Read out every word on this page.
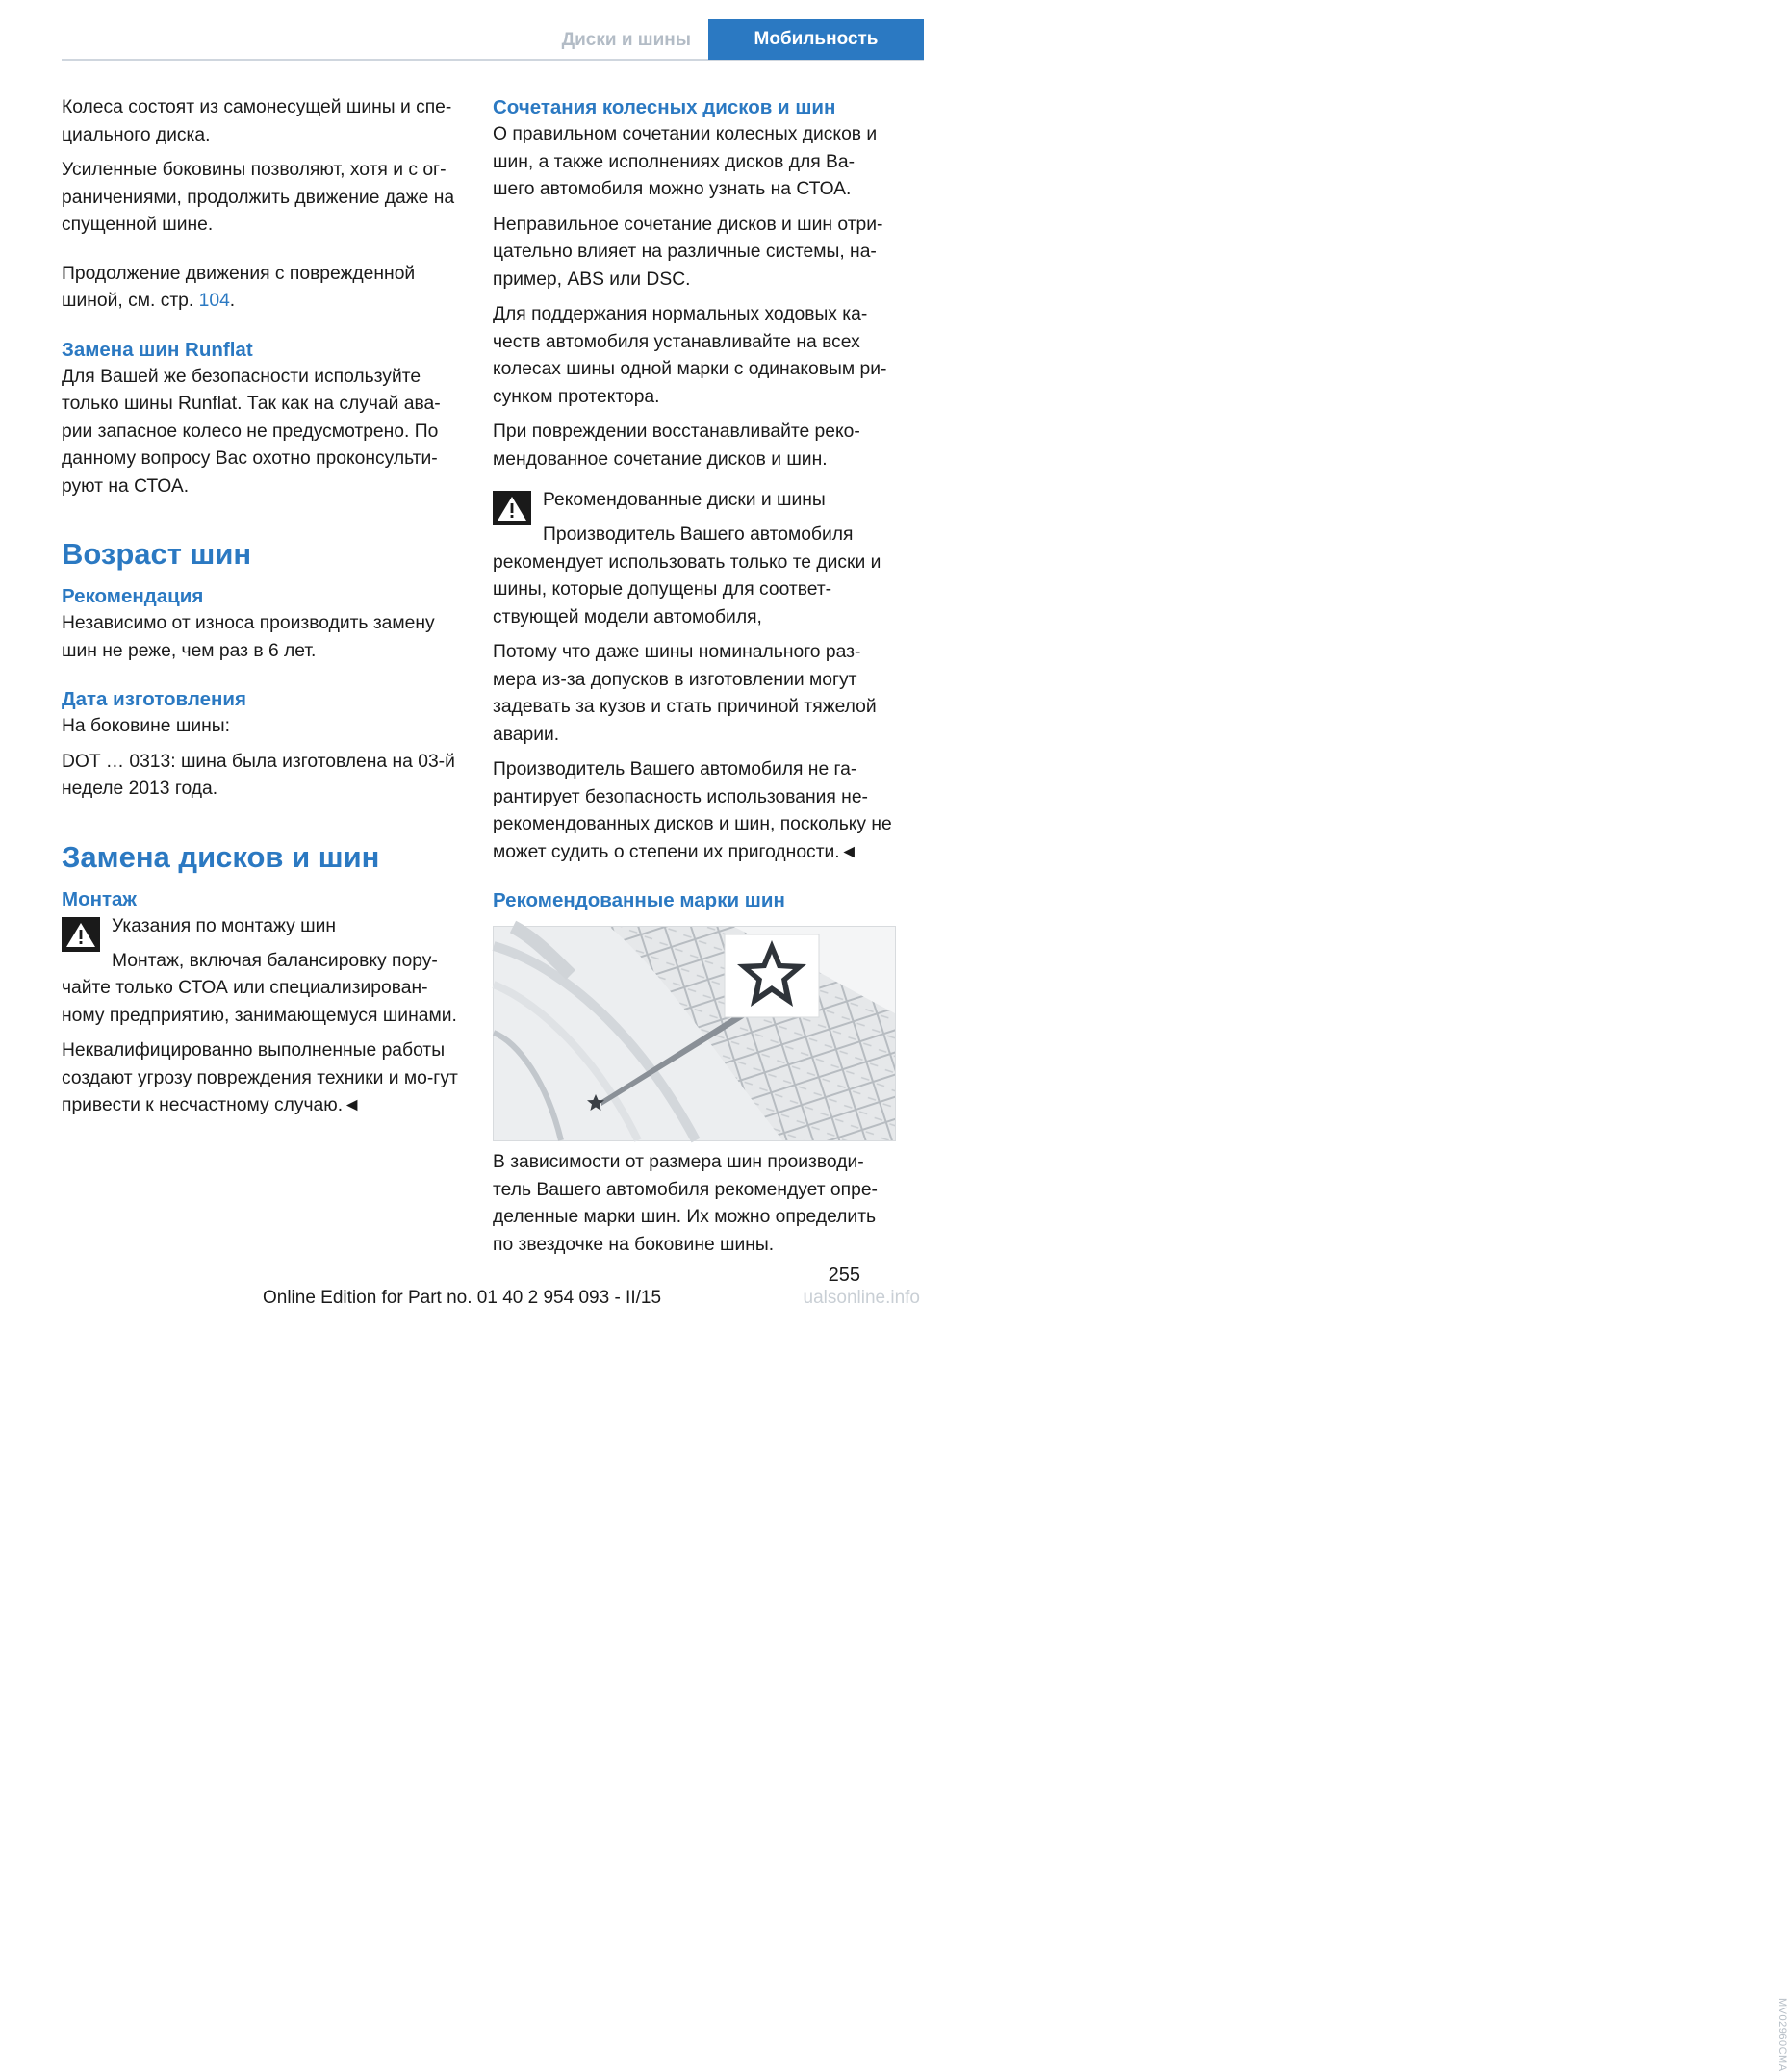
Диски и шины	Мобильность

Колеса состоят из самонесущей шины и спе-циального диска.

Усиленные боковины позволяют, хотя и с ог-раничениями, продолжить движение даже на спущенной шине.

Продолжение движения с поврежденной шиной, см. стр. 104.

Замена шин Runflat

Для Вашей же безопасности используйте только шины Runflat. Так как на случай ава-рии запасное колесо не предусмотрено. По данному вопросу Вас охотно проконсульти-руют на СТОА.

Возраст шин
Рекомендация

Независимо от износа производить замену шин не реже, чем раз в 6 лет.

Дата изготовления

На боковине шины:

DOT … 0313: шина была изготовлена на 03-й неделе 2013 года.

Замена дисков и шин
Монтаж

Указания по монтажу шин

Монтаж, включая балансировку пору-чайте только СТОА или специализирован-ному предприятию, занимающемуся шинами.

Неквалифицированно выполненные работы создают угрозу повреждения техники и мо-гут привести к несчастному случаю.◄

Сочетания колесных дисков и шин

О правильном сочетании колесных дисков и шин, а также исполнениях дисков для Ва-шего автомобиля можно узнать на СТОА.

Неправильное сочетание дисков и шин отри-цательно влияет на различные системы, на-пример, ABS или DSC.

Для поддержания нормальных ходовых ка-честв автомобиля устанавливайте на всех колесах шины одной марки с одинаковым ри-сунком протектора.

При повреждении восстанавливайте реко-мендованное сочетание дисков и шин.

Рекомендованные диски и шины

Производитель Вашего автомобиля рекомендует использовать только те диски и шины, которые допущены для соответ-ствующей модели автомобиля,

Потому что даже шины номинального раз-мера из-за допусков в изготовлении могут задевать за кузов и стать причиной тяжелой аварии.

Производитель Вашего автомобиля не га-рантирует безопасность использования не-рекомендованных дисков и шин, поскольку не может судить о степени их пригодности.◄

Рекомендованные марки шин

В зависимости от размера шин производи-тель Вашего автомобиля рекомендует опре-деленные марки шин. Их можно определить по звездочке на боковине шины.

MV02960CMA
255
Online Edition for Part no. 01 40 2 954 093 - II/15	ualsonline.info
